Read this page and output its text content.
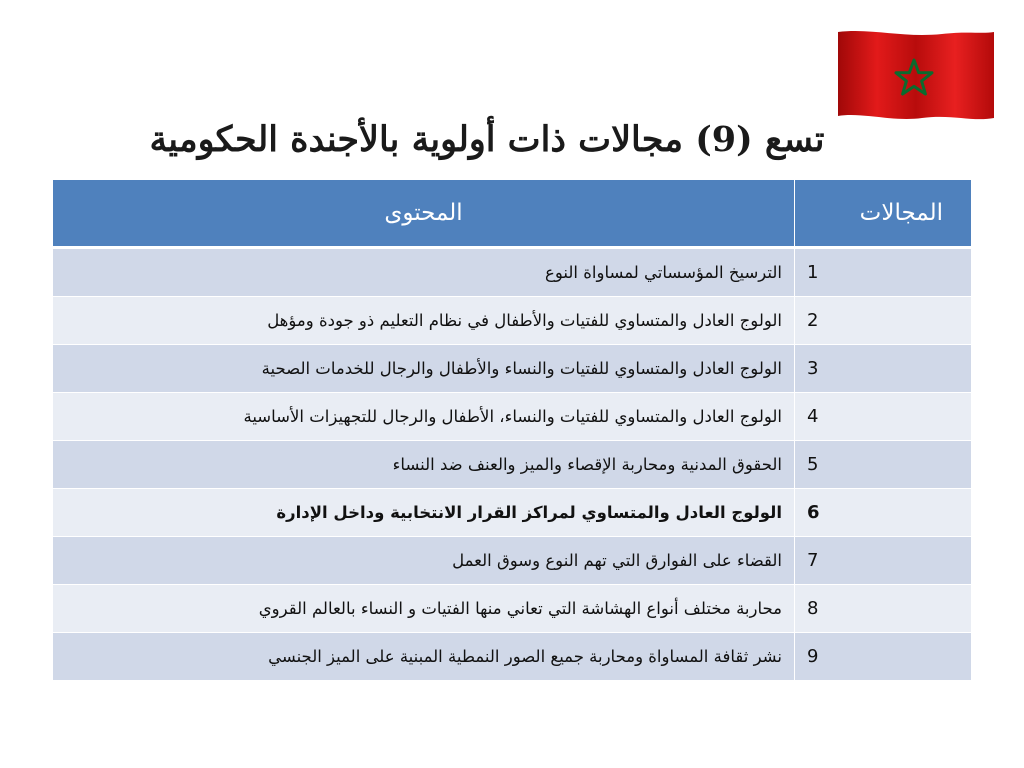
تسع (9) مجالات ذات أولوية بالأجندة الحكومية
المجالات	المحتوى
1	الترسيخ المؤسساتي لمساواة النوع
2	الولوج العادل والمتساوي للفتيات والأطفال في نظام التعليم ذو جودة ومؤهل
3	الولوج العادل والمتساوي للفتيات والنساء والأطفال والرجال للخدمات الصحية
4	الولوج العادل والمتساوي للفتيات والنساء، الأطفال والرجال للتجهيزات الأساسية
5	الحقوق المدنية ومحاربة الإقصاء والميز والعنف ضد النساء
6	الولوج العادل والمتساوي لمراكز القرار الانتخابية وداخل الإدارة
7	القضاء على الفوارق التي تهم النوع وسوق العمل
8	محاربة مختلف أنواع الهشاشة التي تعاني منها الفتيات و النساء بالعالم القروي
9	نشر ثقافة المساواة ومحاربة جميع الصور النمطية المبنية على الميز الجنسي
